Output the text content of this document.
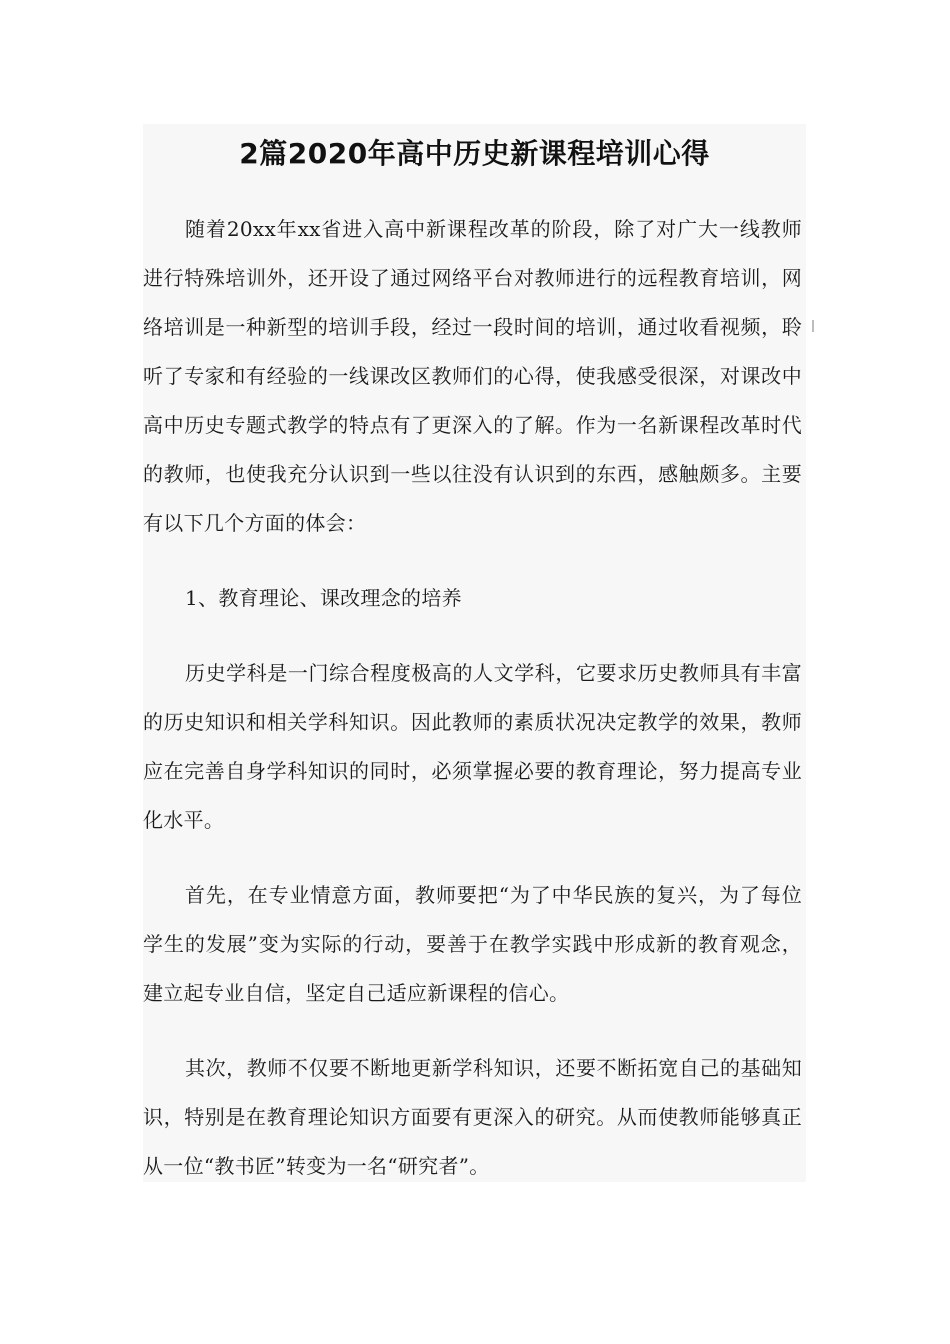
2篇2020年高中历史新课程培训心得

随着20xx年xx省进入高中新课程改革的阶段，除了对广大一线教师进行特殊培训外，还开设了通过网络平台对教师进行的远程教育培训，网络培训是一种新型的培训手段，经过一段时间的培训，通过收看视频，聆听了专家和有经验的一线课改区教师们的心得，使我感受很深，对课改中高中历史专题式教学的特点有了更深入的了解。作为一名新课程改革时代的教师，也使我充分认识到一些以往没有认识到的东西，感触颇多。主要有以下几个方面的体会：

1、教育理论、课改理念的培养

历史学科是一门综合程度极高的人文学科，它要求历史教师具有丰富的历史知识和相关学科知识。因此教师的素质状况决定教学的效果，教师应在完善自身学科知识的同时，必须掌握必要的教育理论，努力提高专业化水平。

首先，在专业情意方面，教师要把“为了中华民族的复兴，为了每位学生的发展”变为实际的行动，要善于在教学实践中形成新的教育观念，建立起专业自信，坚定自己适应新课程的信心。

其次，教师不仅要不断地更新学科知识，还要不断拓宽自己的基础知识，特别是在教育理论知识方面要有更深入的研究。从而使教师能够真正从一位“教书匠”转变为一名“研究者”。
